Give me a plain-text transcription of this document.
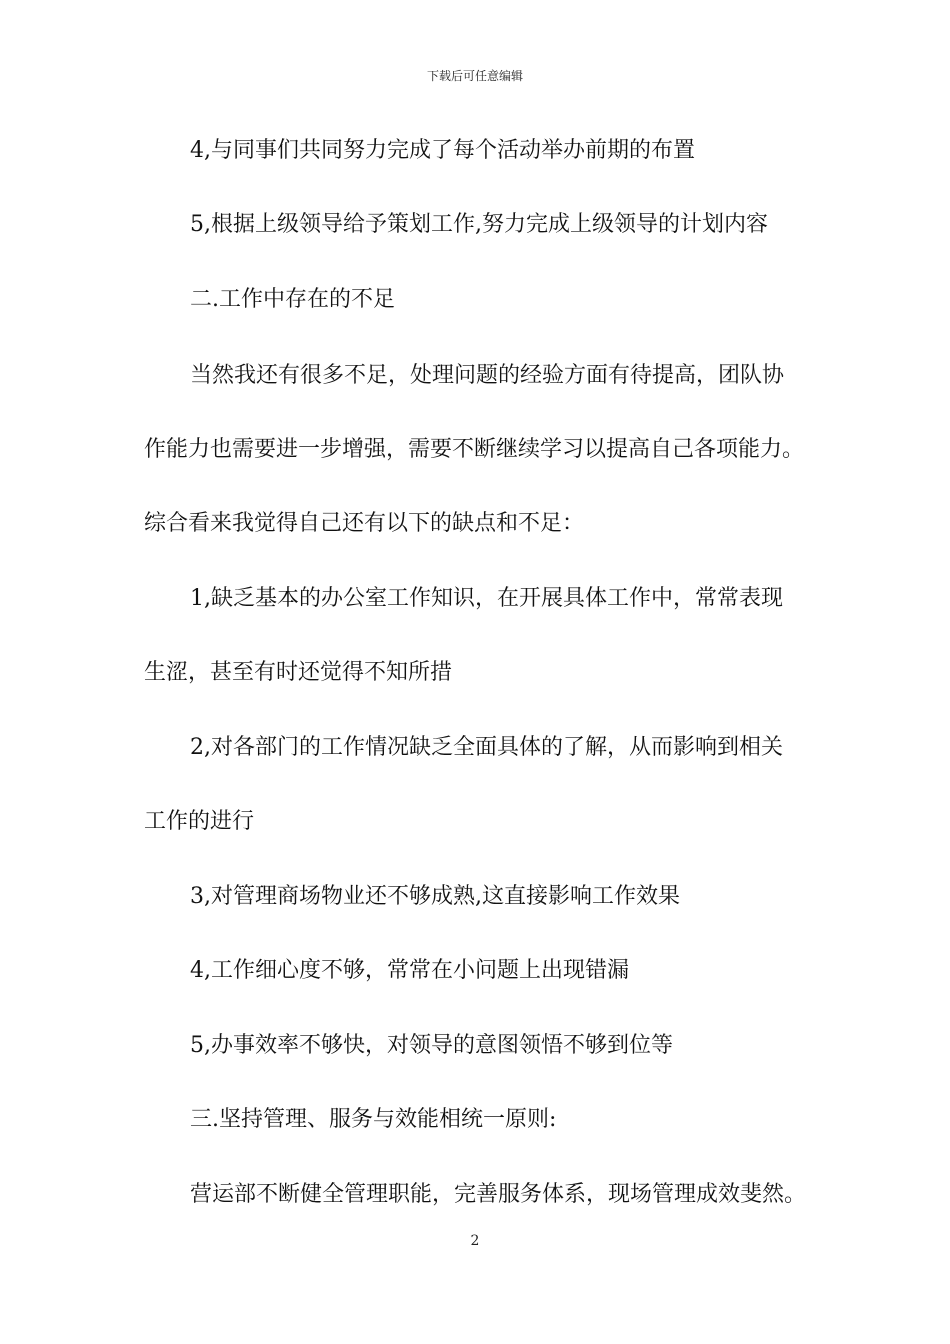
下载后可任意编辑
4,与同事们共同努力完成了每个活动举办前期的布置
5,根据上级领导给予策划工作,努力完成上级领导的计划内容
二.工作中存在的不足
当然我还有很多不足，处理问题的经验方面有待提高，团队协
作能力也需要进一步增强，需要不断继续学习以提高自己各项能力。
综合看来我觉得自己还有以下的缺点和不足：
1,缺乏基本的办公室工作知识，在开展具体工作中，常常表现
生涩，甚至有时还觉得不知所措
2,对各部门的工作情况缺乏全面具体的了解，从而影响到相关
工作的进行
3,对管理商场物业还不够成熟,这直接影响工作效果
4,工作细心度不够，常常在小问题上出现错漏
5,办事效率不够快，对领导的意图领悟不够到位等
三.坚持管理、服务与效能相统一原则:
营运部不断健全管理职能，完善服务体系，现场管理成效斐然。
2
